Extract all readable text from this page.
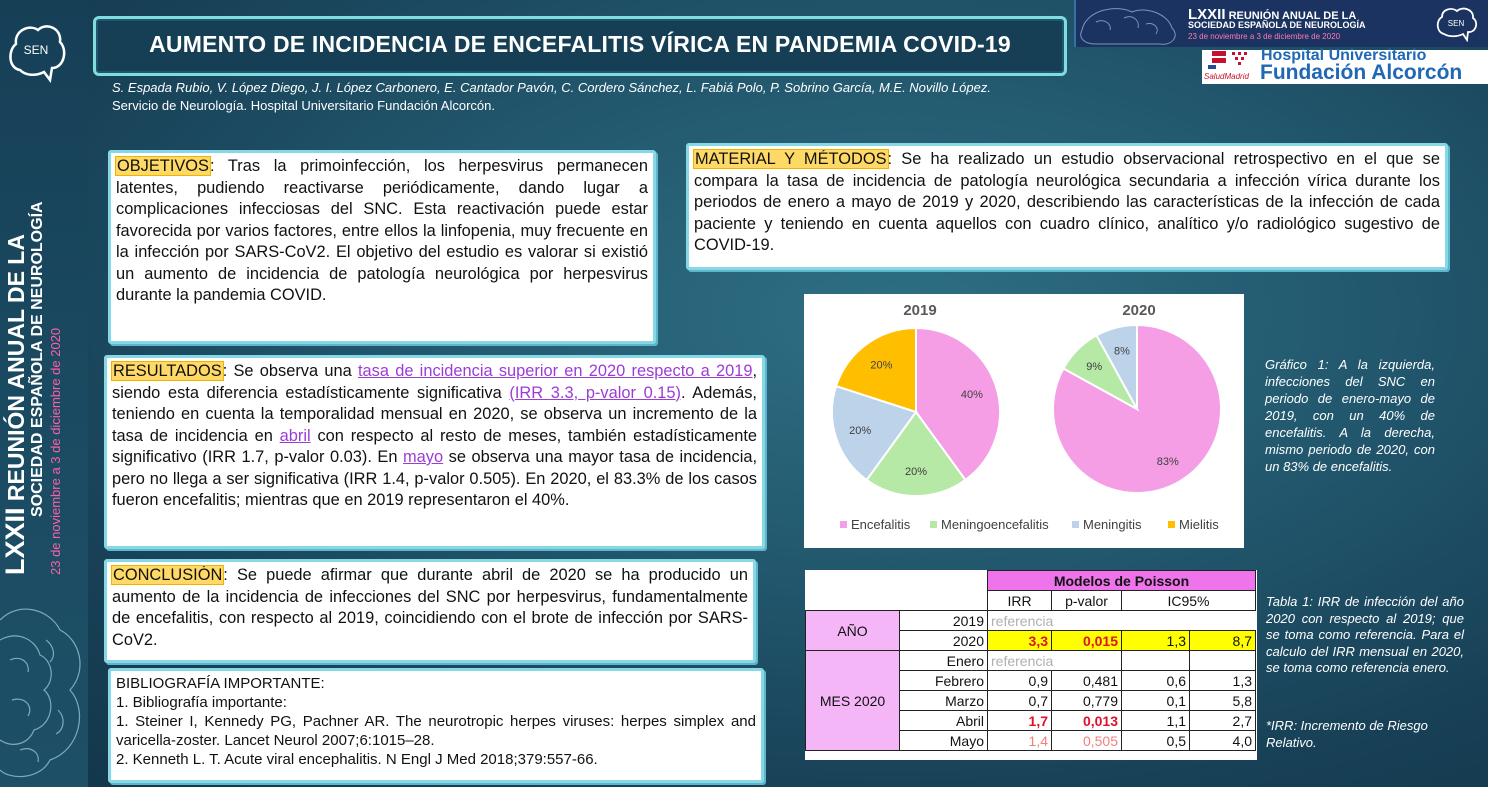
SEN
LXXII REUNIÓN ANUAL DE LA SOCIEDAD ESPAÑOLA DE NEUROLOGÍA 23 de noviembre a 3 de diciembre de 2020
AUMENTO DE INCIDENCIA DE ENCEFALITIS VÍRICA EN PANDEMIA COVID-19
S. Espada Rubio, V. López Diego, J. I. López Carbonero, E. Cantador Pavón, C. Cordero Sánchez, L. Fabiá Polo, P. Sobrino García, M.E. Novillo López.
Servicio de Neurología. Hospital Universitario Fundación Alcorcón.
LXXII REUNIÓN ANUAL DE LA
SOCIEDAD ESPAÑOLA DE NEUROLOGÍA
23 de noviembre a 3 de diciembre de 2020
SEN
SaludMadrid
Hospital Universitario
Fundación Alcorcón
OBJETIVOS: Tras la primoinfección, los herpesvirus permanecen latentes, pudiendo reactivarse periódicamente, dando lugar a complicaciones infecciosas del SNC. Esta reactivación puede estar favorecida por varios factores, entre ellos la linfopenia, muy frecuente en la infección por SARS-CoV2. El objetivo del estudio es valorar si existió un aumento de incidencia de patología neurológica por herpesvirus durante la pandemia COVID.
MATERIAL Y MÉTODOS: Se ha realizado un estudio observacional retrospectivo en el que se compara la tasa de incidencia de patología neurológica secundaria a infección vírica durante los periodos de enero a mayo de 2019 y 2020, describiendo las características de la infección de cada paciente y teniendo en cuenta aquellos con cuadro clínico, analítico y/o radiológico sugestivo de COVID-19.
RESULTADOS: Se observa una tasa de incidencia superior en 2020 respecto a 2019, siendo esta diferencia estadísticamente significativa (IRR 3.3, p-valor 0.15). Además, teniendo en cuenta la temporalidad mensual en 2020, se observa un incremento de la tasa de incidencia en abril con respecto al resto de meses, también estadísticamente significativo (IRR 1.7, p-valor 0.03). En mayo se observa una mayor tasa de incidencia, pero no llega a ser significativa (IRR 1.4, p-valor 0.505). En 2020, el 83.3% de los casos fueron encefalitis; mientras que en 2019 representaron el 40%.
CONCLUSIÓN: Se puede afirmar que durante abril de 2020 se ha producido un aumento de la incidencia de infecciones del SNC por herpesvirus, fundamentalmente de encefalitis, con respecto al 2019, coincidiendo con el brote de infección por SARS-CoV2.
BIBLIOGRAFÍA IMPORTANTE:
1. Bibliografía importante:
1. Steiner I, Kennedy PG, Pachner AR. The neurotropic herpes viruses: herpes simplex and varicella-zoster. Lancet Neurol 2007;6:1015–28.
2. Kenneth L. T. Acute viral encephalitis. N Engl J Med 2018;379:557-66.
2019
40%
20%
20%
20%
2020
83%
9%
8%
Encefalitis Meningoencefalitis	Meningitis	Mielitis
Gráfico 1: A la izquierda, infecciones del SNC en periodo de enero-mayo de 2019, con un 40% de encefalitis. A la derecha, mismo periodo de 2020, con un 83% de encefalitis.
		Modelos de Poisson			
		IRR	p-valor	IC95%	
AÑO	2019	referencia			
	2020	3,3	0,015	1,3	8,7
MES 2020	Enero	referencia			
	Febrero	0,9	0,481	0,6	1,3
	Marzo	0,7	0,779	0,1	5,8
	Abril	1,7	0,013	1,1	2,7
	Mayo	1,4	0,505	0,5	4,0
Tabla 1: IRR de infección del año 2020 con respecto al 2019; que se toma como referencia. Para el calculo del IRR mensual en 2020, se toma como referencia enero.
*IRR: Incremento de Riesgo Relativo.
